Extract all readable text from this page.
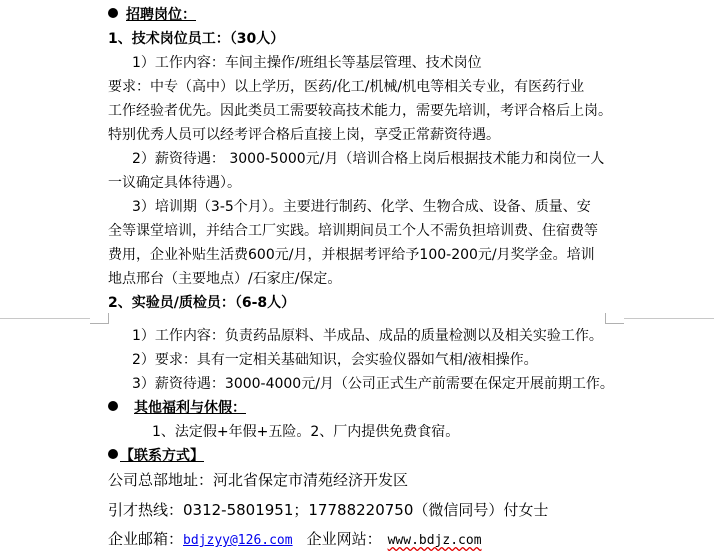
招聘岗位：
1、技术岗位员工：（30人）
1）工作内容：车间主操作/班组长等基层管理、技术岗位
要求：中专（高中）以上学历，医药/化工/机械/机电等相关专业，有医药行业
工作经验者优先。因此类员工需要较高技术能力，需要先培训，考评合格后上岗。
特别优秀人员可以经考评合格后直接上岗，享受正常薪资待遇。
2）薪资待遇： 3000-5000元/月（培训合格上岗后根据技术能力和岗位一人
一议确定具体待遇）。
3）培训期（3-5个月）。主要进行制药、化学、生物合成、设备、质量、安
全等课堂培训，并结合工厂实践。培训期间员工个人不需负担培训费、住宿费等
费用，企业补贴生活费600元/月，并根据考评给予100-200元/月奖学金。培训
地点邢台（主要地点）/石家庄/保定。
2、实验员/质检员：（6-8人）
1）工作内容：负责药品原料、半成品、成品的质量检测以及相关实验工作。
2）要求：具有一定相关基础知识，会实验仪器如气相/液相操作。
3）薪资待遇：3000-4000元/月（公司正式生产前需要在保定开展前期工作。
其他福利与休假：
1、法定假+年假+五险。2、厂内提供免费食宿。
【联系方式】
公司总部地址：河北省保定市清苑经济开发区
引才热线：0312-5801951；17788220750（微信同号）付女士
企业邮箱：bdjzyy@126.com 企业网站： www.bdjz.com
